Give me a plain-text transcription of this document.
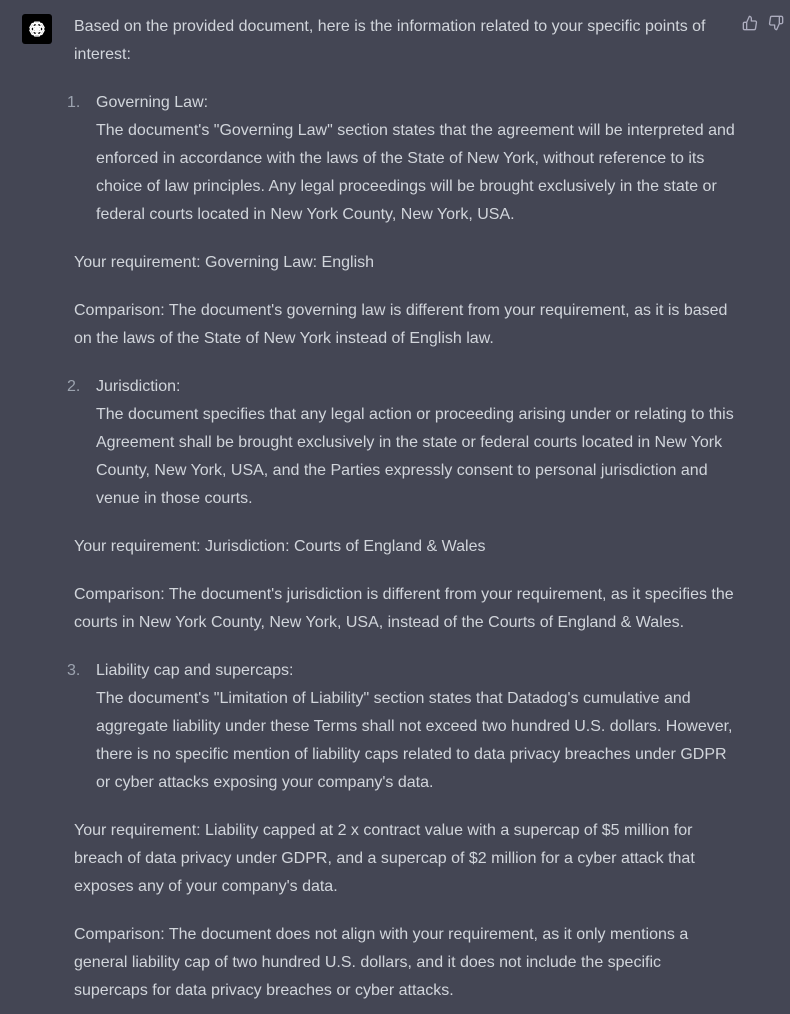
Based on the provided document, here is the information related to your specific points of interest:

1. Governing Law:
The document's "Governing Law" section states that the agreement will be interpreted and enforced in accordance with the laws of the State of New York, without reference to its choice of law principles. Any legal proceedings will be brought exclusively in the state or federal courts located in New York County, New York, USA.

Your requirement: Governing Law: English

Comparison: The document's governing law is different from your requirement, as it is based on the laws of the State of New York instead of English law.

2. Jurisdiction:
The document specifies that any legal action or proceeding arising under or relating to this Agreement shall be brought exclusively in the state or federal courts located in New York County, New York, USA, and the Parties expressly consent to personal jurisdiction and venue in those courts.

Your requirement: Jurisdiction: Courts of England & Wales

Comparison: The document's jurisdiction is different from your requirement, as it specifies the courts in New York County, New York, USA, instead of the Courts of England & Wales.

3. Liability cap and supercaps:
The document's "Limitation of Liability" section states that Datadog's cumulative and aggregate liability under these Terms shall not exceed two hundred U.S. dollars. However, there is no specific mention of liability caps related to data privacy breaches under GDPR or cyber attacks exposing your company's data.

Your requirement: Liability capped at 2 x contract value with a supercap of $5 million for breach of data privacy under GDPR, and a supercap of $2 million for a cyber attack that exposes any of your company's data.

Comparison: The document does not align with your requirement, as it only mentions a general liability cap of two hundred U.S. dollars, and it does not include the specific supercaps for data privacy breaches or cyber attacks.
